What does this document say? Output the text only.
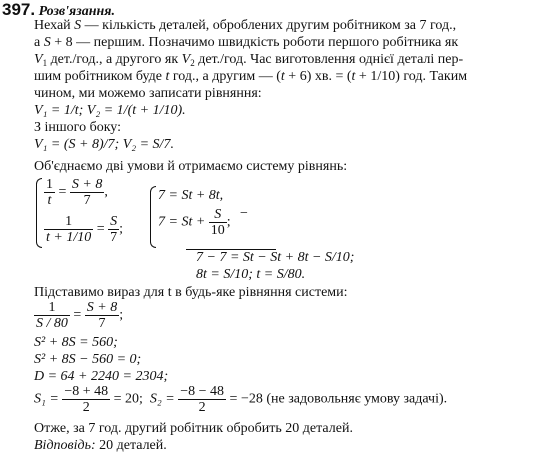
397. Розв'язання.
Нехай S — кількість деталей, оброблених другим робітником за 7 год.,
а S + 8 — першим. Позначимо швидкість роботи першого робітника як
$V_1$ дет./год., а другого як $V_2$ дет./год. Час виготовлення однієї деталі пер-
шим робітником буде t год., а другим — (t + 6) хв. = (t + 1/10) год. Таким
чином, ми можемо записати рівняння:
V₁ = 1/t; V₂ = 1/(t + 1/10).
З іншого боку:
V₁ = (S + 8)/7; V₂ = S/7.
Об'єднаємо дві умови й отримаємо систему рівнянь:
$\frac{1}{t} = \frac{S + 8}{7}$ ,
$\frac{1}{t + 1/10} = \frac{S}{7}$ ;
7 = St + 8t,
$7 = St + \frac{S}{10}$ ;
−
7 − 7 = St − St + 8t − S/10;
8t = S/10; t = S/80.
Підставимо вираз для t в будь-яке рівняння системи:
$\frac{1}{S / 80} = \frac{S + 8}{7}$ ;
S² + 8S = 560;
S² + 8S − 560 = 0;
D = 64 + 2240 = 2304;
$S_1 = \frac{-8 + 48}{2} = 20$; $S_2 = \frac{-8 - 48}{2} = -28$ (не задовольняє умову задачі).
Отже, за 7 год. другий робітник обробить 20 деталей.
Відповідь: 20 деталей.
